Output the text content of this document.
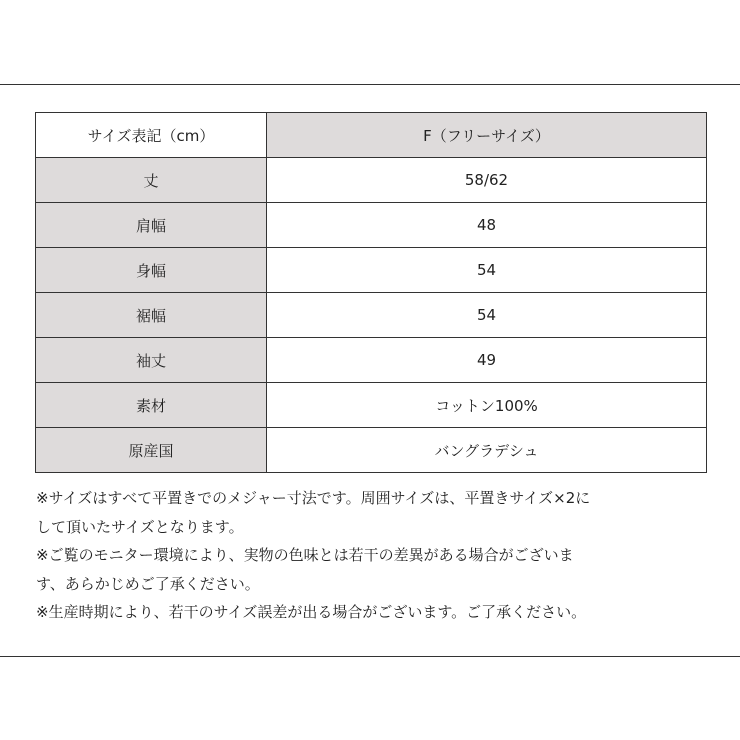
サイズ表記（cm）	F（フリーサイズ）
丈	58/62
肩幅	48
身幅	54
裾幅	54
袖丈	49
素材	コットン100%
原産国	バングラデシュ

※サイズはすべて平置きでのメジャー寸法です。周囲サイズは、平置きサイズ×2に

して頂いたサイズとなります。

※ご覧のモニター環境により、実物の色味とは若干の差異がある場合がございま

す、あらかじめご了承ください。

※生産時期により、若干のサイズ誤差が出る場合がございます。ご了承ください。
